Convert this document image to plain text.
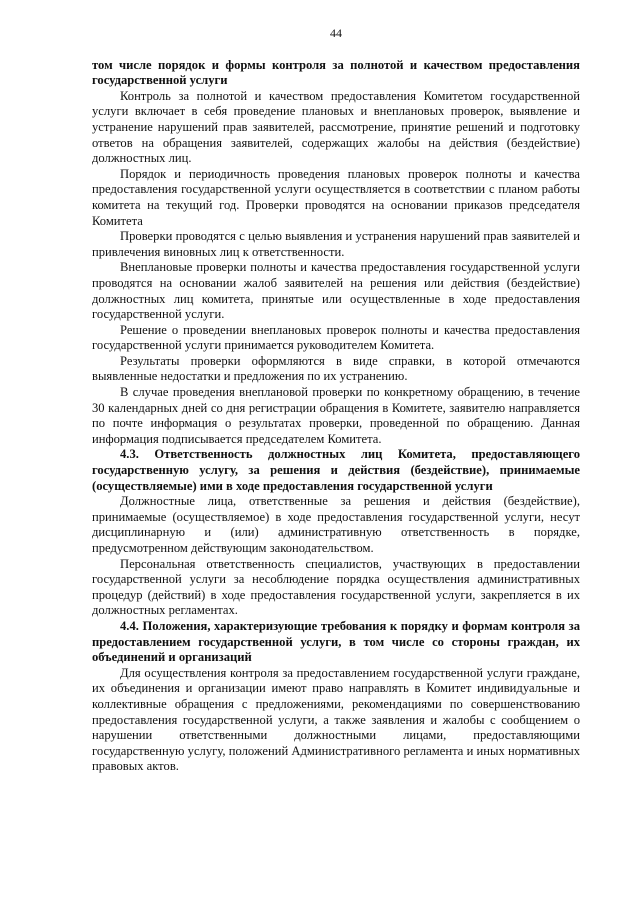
44

том числе порядок и формы контроля за полнотой и качеством предоставления государственной услуги

Контроль за полнотой и качеством предоставления Комитетом государственной услуги включает в себя проведение плановых и внеплановых проверок, выявление и устранение нарушений прав заявителей, рассмотрение, принятие решений и подготовку ответов на обращения заявителей, содержащих жалобы на действия (бездействие) должностных лиц.

Порядок и периодичность проведения плановых проверок полноты и качества предоставления государственной услуги осуществляется в соответствии с планом работы комитета на текущий год. Проверки проводятся на основании приказов председателя Комитета

Проверки проводятся с целью выявления и устранения нарушений прав заявителей и привлечения виновных лиц к ответственности.

Внеплановые проверки полноты и качества предоставления государственной услуги проводятся на основании жалоб заявителей на решения или действия (бездействие) должностных лиц комитета, принятые или осуществленные в ходе предоставления государственной услуги.

Решение о проведении внеплановых проверок полноты и качества предоставления государственной услуги принимается руководителем Комитета.

Результаты проверки оформляются в виде справки, в которой отмечаются выявленные недостатки и предложения по их устранению.

В случае проведения внеплановой проверки по конкретному обращению, в течение 30 календарных дней со дня регистрации обращения в Комитете, заявителю направляется по почте информация о результатах проверки, проведенной по обращению. Данная информация подписывается председателем Комитета.

4.3. Ответственность должностных лиц Комитета, предоставляющего государственную услугу, за решения и действия (бездействие), принимаемые (осуществляемые) ими в ходе предоставления государственной услуги

Должностные лица, ответственные за решения и действия (бездействие), принимаемые (осуществляемое) в ходе предоставления государственной услуги, несут дисциплинарную и (или) административную ответственность в порядке, предусмотренном действующим законодательством.

Персональная ответственность специалистов, участвующих в предоставлении государственной услуги за несоблюдение порядка осуществления административных процедур (действий) в ходе предоставления государственной услуги, закрепляется в их должностных регламентах.

4.4. Положения, характеризующие требования к порядку и формам контроля за предоставлением государственной услуги, в том числе со стороны граждан, их объединений и организаций

Для осуществления контроля за предоставлением государственной услуги граждане, их объединения и организации имеют право направлять в Комитет индивидуальные и коллективные обращения с предложениями, рекомендациями по совершенствованию предоставления государственной услуги, а также заявления и жалобы с сообщением о нарушении ответственными должностными лицами, предоставляющими государственную услугу, положений Административного регламента и иных нормативных правовых актов.
